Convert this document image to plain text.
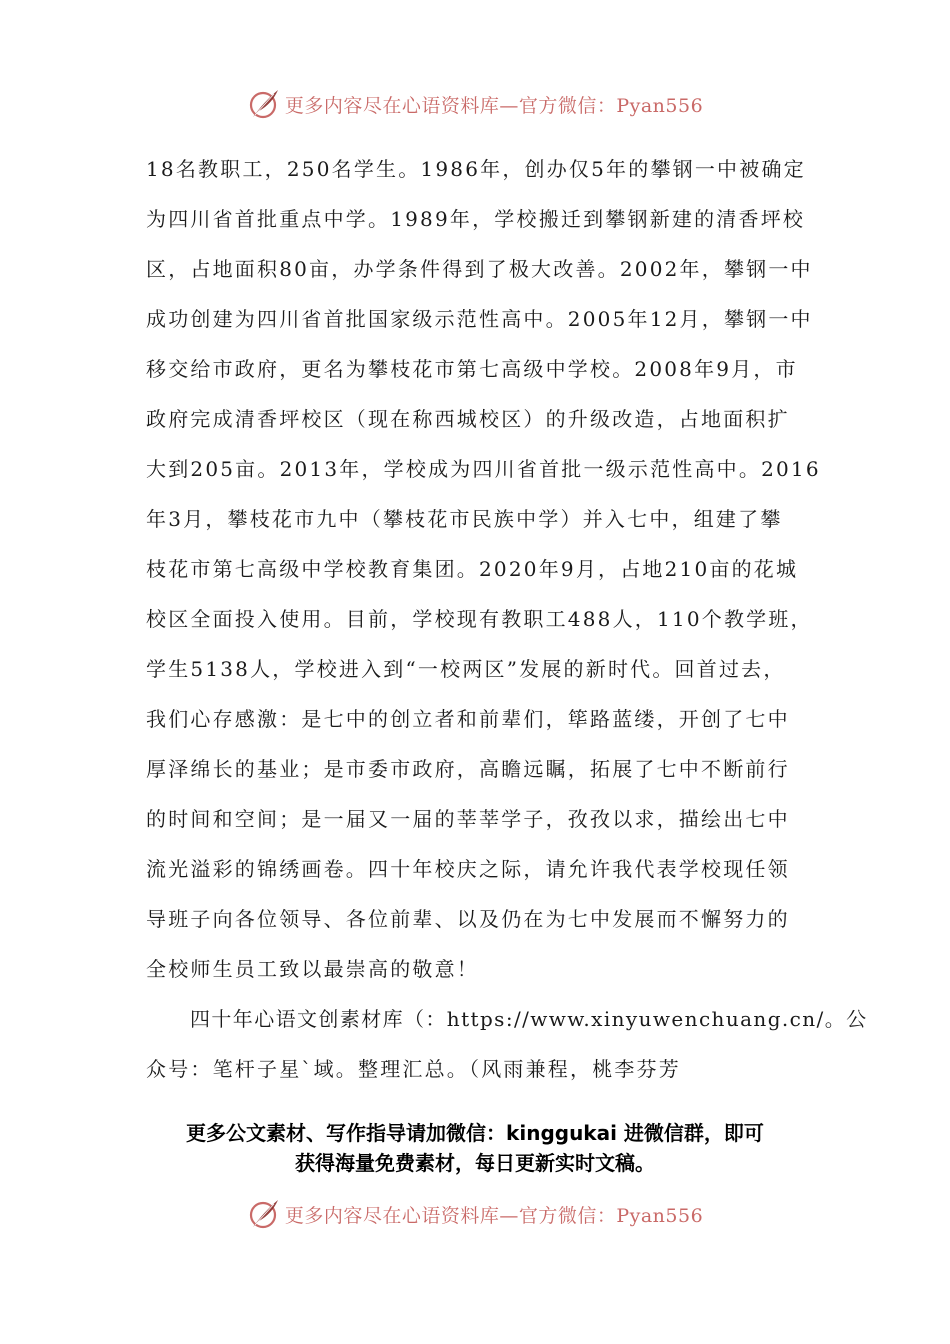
更多内容尽在心语资料库—官方微信：Pyan556
18名教职工，250名学生。1986年，创办仅5年的攀钢一中被确定
为四川省首批重点中学。1989年，学校搬迁到攀钢新建的清香坪校
区，占地面积80亩，办学条件得到了极大改善。2002年，攀钢一中
成功创建为四川省首批国家级示范性高中。2005年12月，攀钢一中
移交给市政府，更名为攀枝花市第七高级中学校。2008年9月，市
政府完成清香坪校区（现在称西城校区）的升级改造，占地面积扩
大到205亩。2013年，学校成为四川省首批一级示范性高中。2016
年3月，攀枝花市九中（攀枝花市民族中学）并入七中，组建了攀
枝花市第七高级中学校教育集团。2020年9月，占地210亩的花城
校区全面投入使用。目前，学校现有教职工488人，110个教学班，
学生5138人，学校进入到“一校两区”发展的新时代。回首过去，
我们心存感激：是七中的创立者和前辈们，筚路蓝缕，开创了七中
厚泽绵长的基业；是市委市政府，高瞻远瞩，拓展了七中不断前行
的时间和空间；是一届又一届的莘莘学子，孜孜以求，描绘出七中
流光溢彩的锦绣画卷。四十年校庆之际，请允许我代表学校现任领
导班子向各位领导、各位前辈、以及仍在为七中发展而不懈努力的
全校师生员工致以最崇高的敬意！
四十年心语文创素材库（：https://www.xinyuwenchuang.cn/。公
众号：笔杆子星`域。整理汇总。（风雨兼程，桃李芬芳
更多公文素材、写作指导请加微信：kinggukai 进微信群，即可
获得海量免费素材，每日更新实时文稿。
更多内容尽在心语资料库—官方微信：Pyan556
